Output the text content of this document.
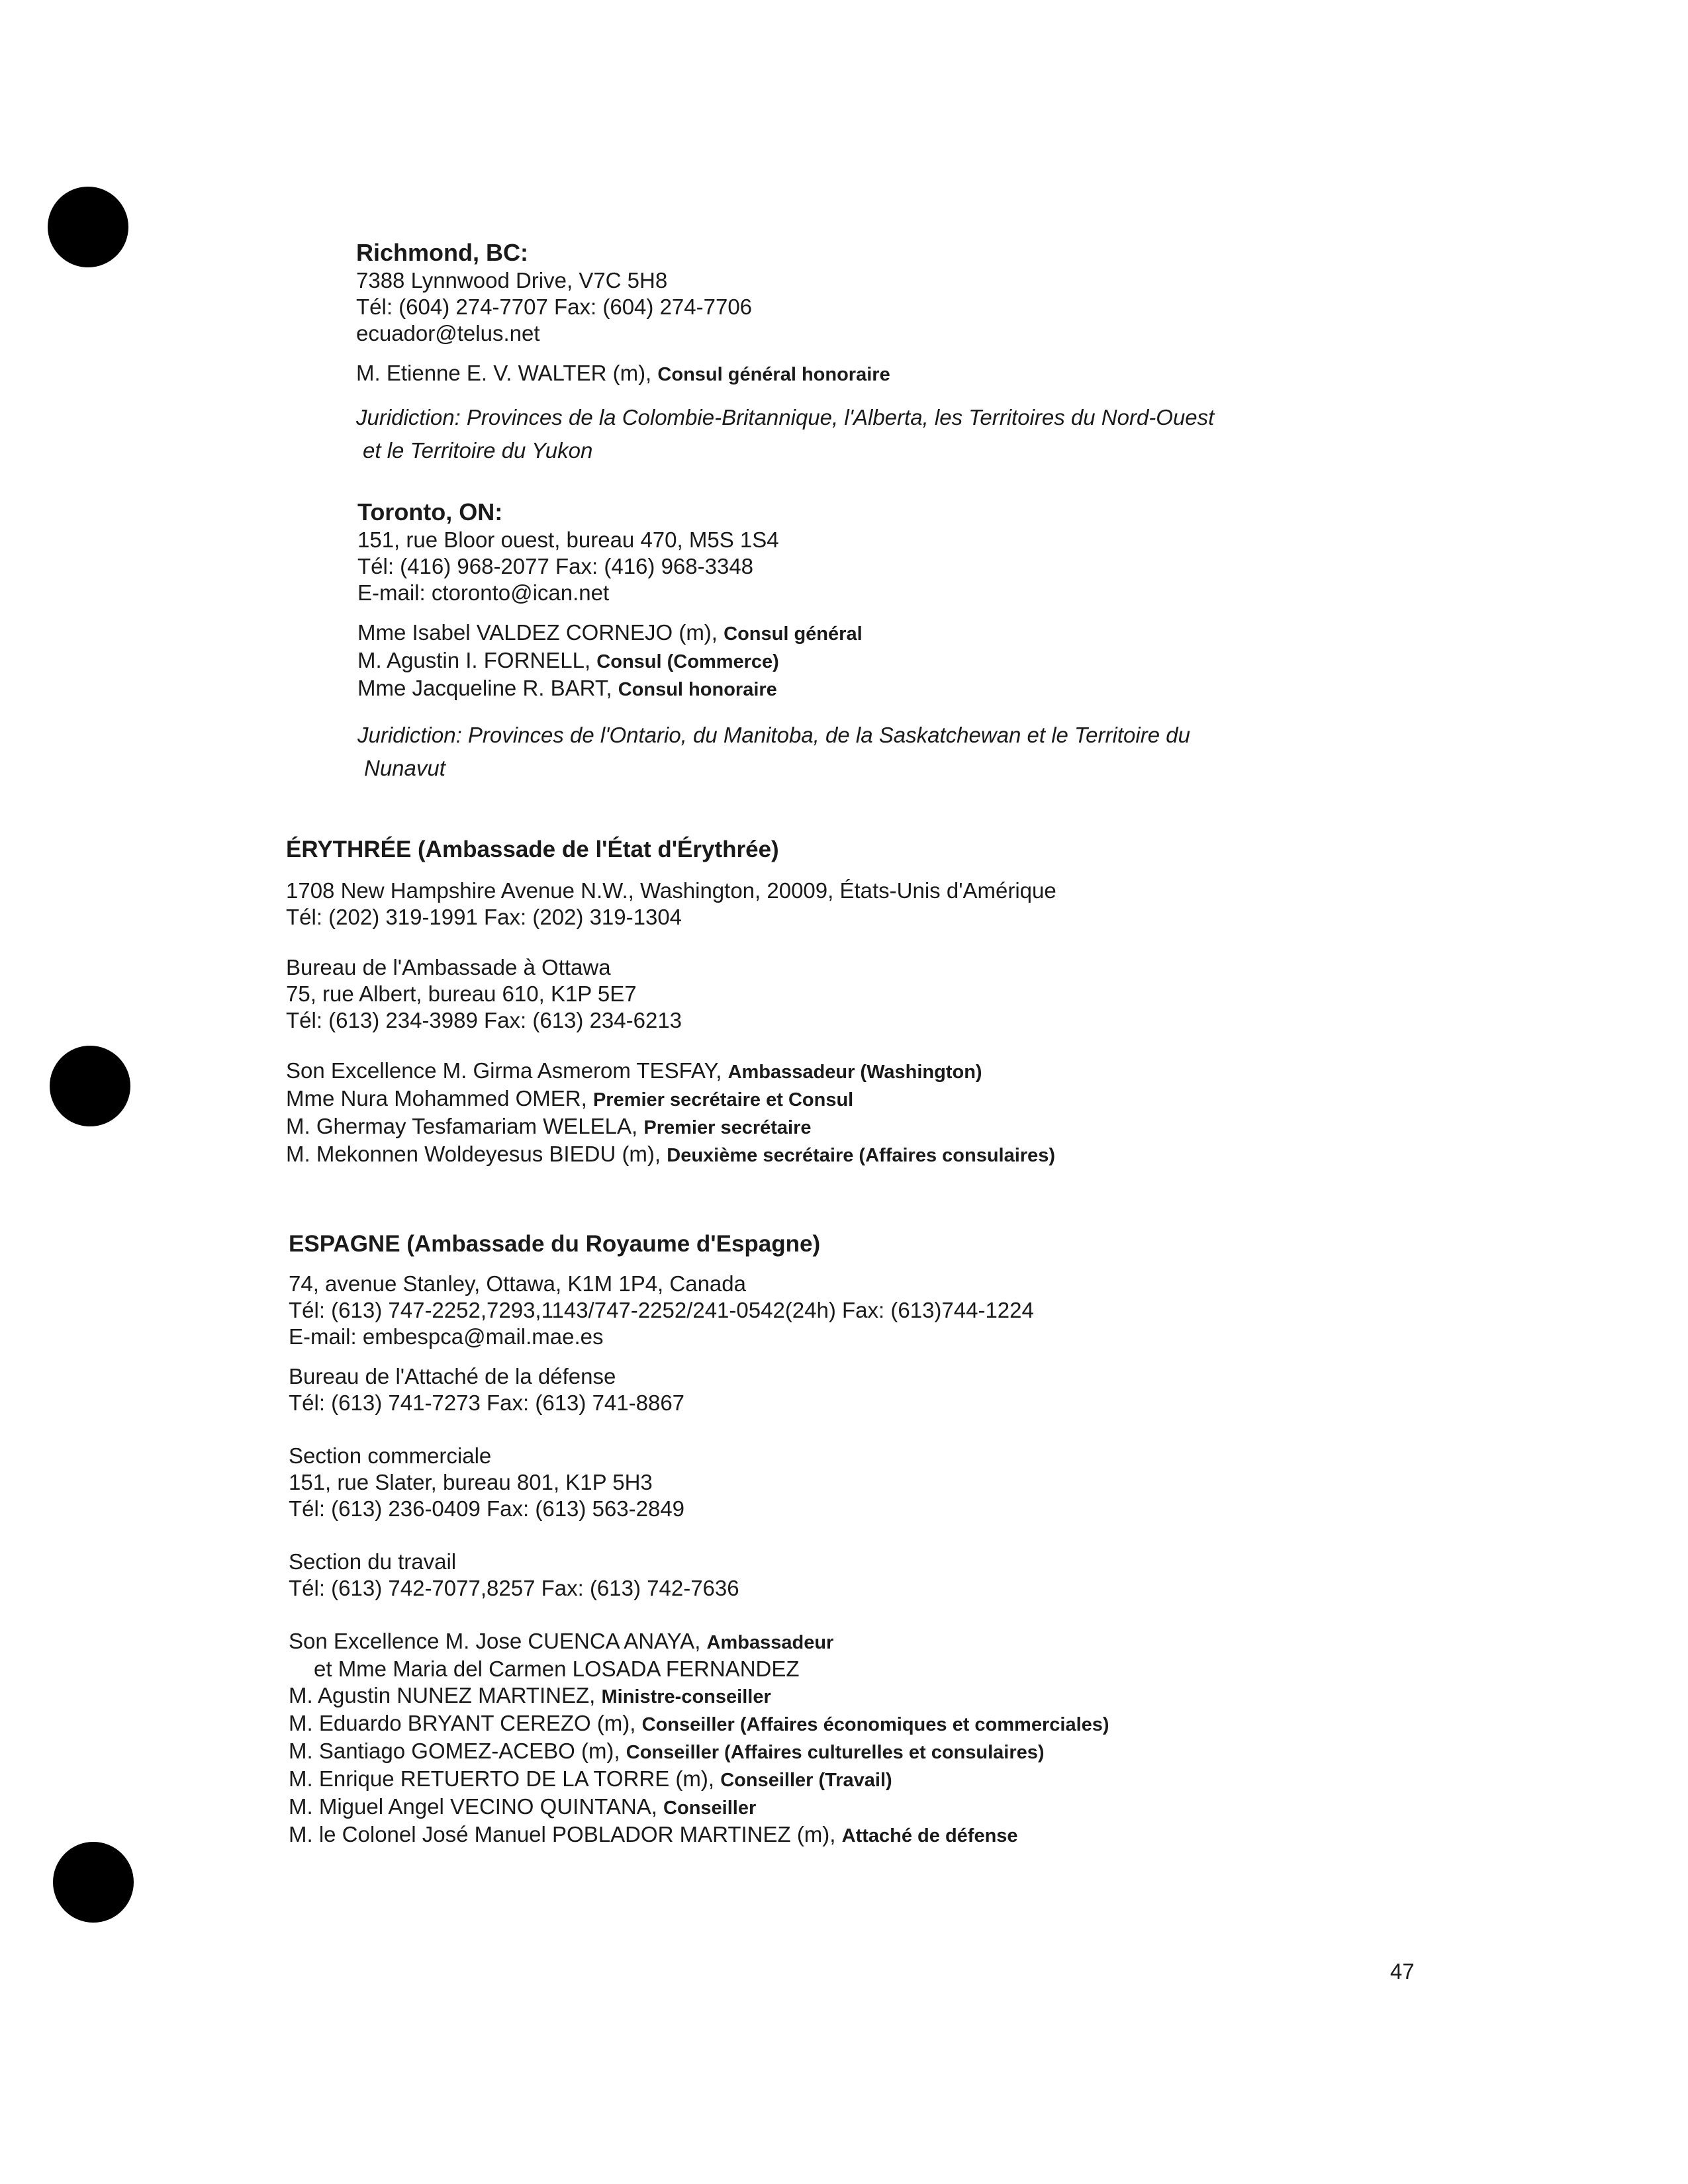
Richmond, BC:
7388 Lynnwood Drive, V7C 5H8
Tél: (604) 274-7707 Fax: (604) 274-7706
ecuador@telus.net
M. Etienne E. V. WALTER (m), Consul général honoraire
Juridiction: Provinces de la Colombie-Britannique, l'Alberta, les Territoires du Nord-Ouest
et le Territoire du Yukon
Toronto, ON:
151, rue Bloor ouest, bureau 470, M5S 1S4
Tél: (416) 968-2077 Fax: (416) 968-3348
E-mail: ctoronto@ican.net
Mme Isabel VALDEZ CORNEJO (m), Consul général
M. Agustin I. FORNELL, Consul (Commerce)
Mme Jacqueline R. BART, Consul honoraire
Juridiction: Provinces de l'Ontario, du Manitoba, de la Saskatchewan et le Territoire du
Nunavut
ÉRYTHRÉE (Ambassade de l'État d'Érythrée)
1708 New Hampshire Avenue N.W., Washington, 20009, États-Unis d'Amérique
Tél: (202) 319-1991 Fax: (202) 319-1304
Bureau de l'Ambassade à Ottawa
75, rue Albert, bureau 610, K1P 5E7
Tél: (613) 234-3989 Fax: (613) 234-6213
Son Excellence M. Girma Asmerom TESFAY, Ambassadeur (Washington)
Mme Nura Mohammed OMER, Premier secrétaire et Consul
M. Ghermay Tesfamariam WELELA, Premier secrétaire
M. Mekonnen Woldeyesus BIEDU (m), Deuxième secrétaire (Affaires consulaires)
ESPAGNE (Ambassade du Royaume d'Espagne)
74, avenue Stanley, Ottawa, K1M 1P4, Canada
Tél: (613) 747-2252,7293,1143/747-2252/241-0542(24h) Fax: (613)744-1224
E-mail: embespca@mail.mae.es
Bureau de l'Attaché de la défense
Tél: (613) 741-7273 Fax: (613) 741-8867
Section commerciale
151, rue Slater, bureau 801, K1P 5H3
Tél: (613) 236-0409 Fax: (613) 563-2849
Section du travail
Tél: (613) 742-7077,8257 Fax: (613) 742-7636
Son Excellence M. Jose CUENCA ANAYA, Ambassadeur
et Mme Maria del Carmen LOSADA FERNANDEZ
M. Agustin NUNEZ MARTINEZ, Ministre-conseiller
M. Eduardo BRYANT CEREZO (m), Conseiller (Affaires économiques et commerciales)
M. Santiago GOMEZ-ACEBO (m), Conseiller (Affaires culturelles et consulaires)
M. Enrique RETUERTO DE LA TORRE (m), Conseiller (Travail)
M. Miguel Angel VECINO QUINTANA, Conseiller
M. le Colonel José Manuel POBLADOR MARTINEZ (m), Attaché de défense
47
